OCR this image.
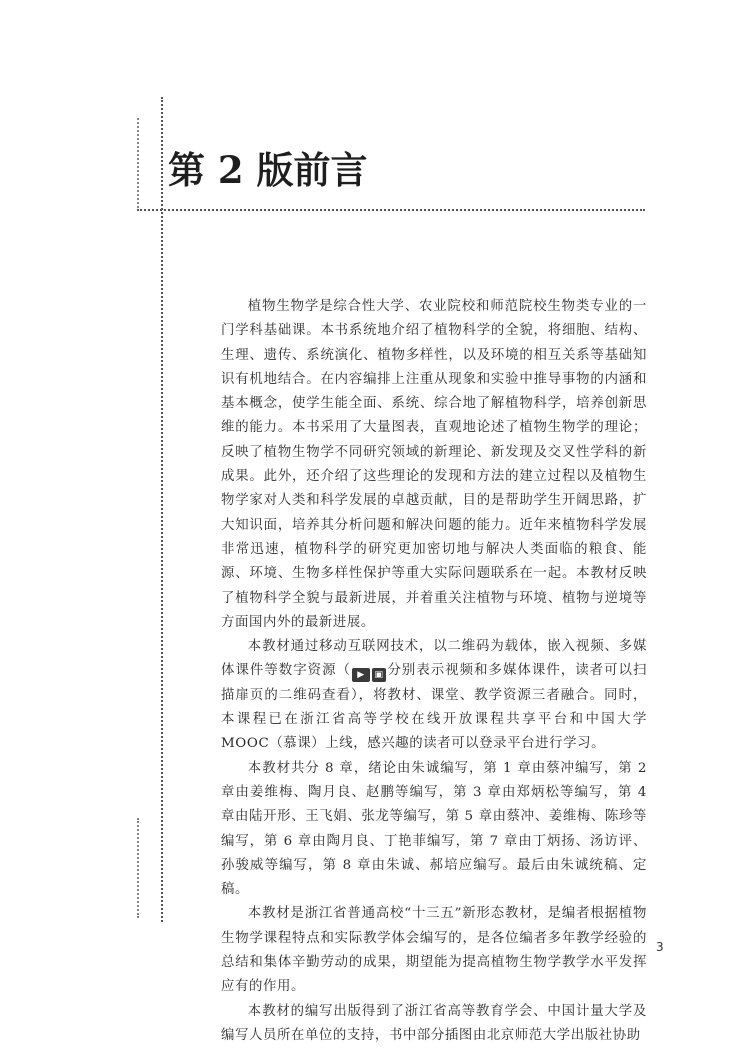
第 2 版前言

植物生物学是综合性大学、农业院校和师范院校生物类专业的一门学科基础课。本书系统地介绍了植物科学的全貌，将细胞、结构、生理、遗传、系统演化、植物多样性，以及环境的相互关系等基础知识有机地结合。在内容编排上注重从现象和实验中推导事物的内涵和基本概念，使学生能全面、系统、综合地了解植物科学，培养创新思维的能力。本书采用了大量图表，直观地论述了植物生物学的理论；反映了植物生物学不同研究领域的新理论、新发现及交叉性学科的新成果。此外，还介绍了这些理论的发现和方法的建立过程以及植物生物学家对人类和科学发展的卓越贡献，目的是帮助学生开阔思路，扩大知识面，培养其分析问题和解决问题的能力。近年来植物科学发展非常迅速，植物科学的研究更加密切地与解决人类面临的粮食、能源、环境、生物多样性保护等重大实际问题联系在一起。本教材反映了植物科学全貌与最新进展，并着重关注植物与环境、植物与逆境等方面国内外的最新进展。

本教材通过移动互联网技术，以二维码为载体，嵌入视频、多媒体课件等数字资源（ ▶ ▣ 分别表示视频和多媒体课件，读者可以扫描扉页的二维码查看），将教材、课堂、教学资源三者融合。同时，本课程已在浙江省高等学校在线开放课程共享平台和中国大学 MOOC（慕课）上线，感兴趣的读者可以登录平台进行学习。

本教材共分 8 章，绪论由朱诚编写，第 1 章由蔡冲编写，第 2 章由姜维梅、陶月良、赵鹏等编写，第 3 章由郑炳松等编写，第 4 章由陆开形、王飞娟、张龙等编写，第 5 章由蔡冲、姜维梅、陈珍等编写，第 6 章由陶月良、丁艳菲编写，第 7 章由丁炳扬、汤访评、孙骏威等编写，第 8 章由朱诚、郝培应编写。最后由朱诚统稿、定稿。

本教材是浙江省普通高校“十三五”新形态教材，是编者根据植物生物学课程特点和实际教学体会编写的，是各位编者多年教学经验的总结和集体辛勤劳动的成果，期望能为提高植物生物学教学水平发挥应有的作用。

本教材的编写出版得到了浙江省高等教育学会、中国计量大学及编写人员所在单位的支持，书中部分插图由北京师范大学出版社协助

3
